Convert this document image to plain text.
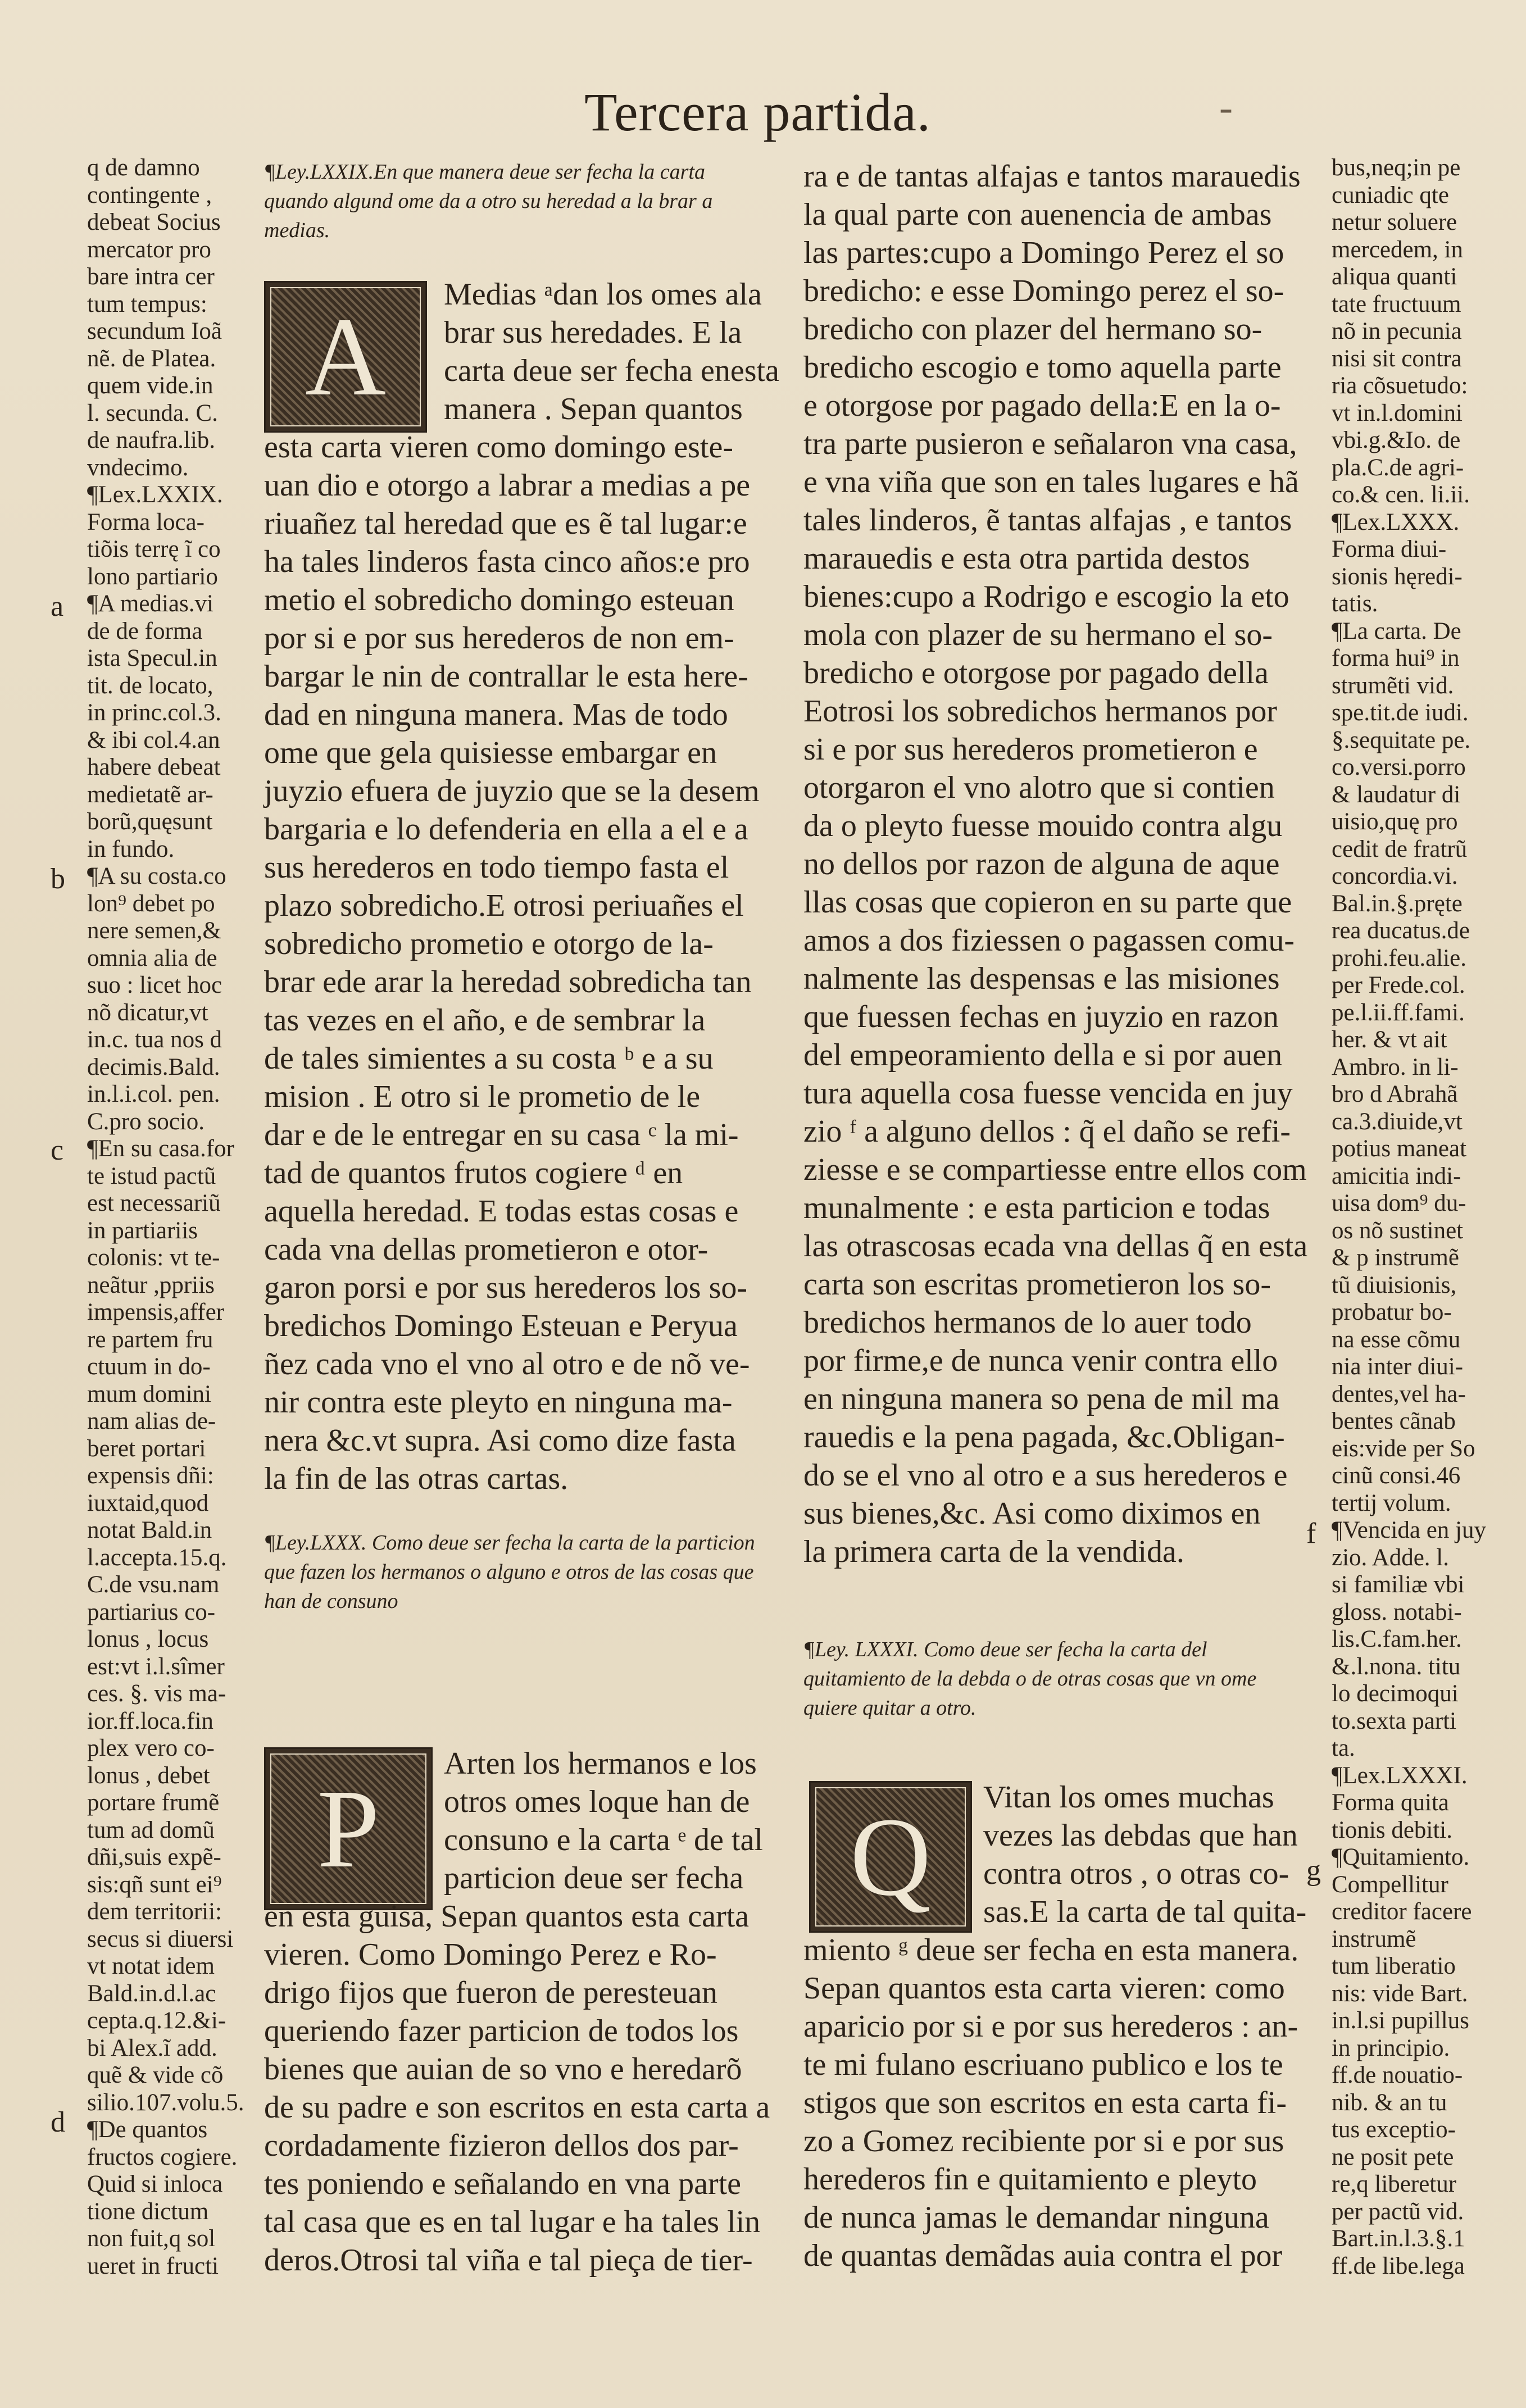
Tercera partida.	-
q de damno
contingente ,
debeat Socius
mercator pro
bare intra cer
tum tempus:
secundum Ioã
nẽ. de Platea.
quem vide.in
l. secunda. C.
de naufra.lib.
vndecimo.
¶Lex.LXXIX.
Forma loca-
tiõis terrę ĩ co
lono partiario
¶A medias.vi
de de forma
ista Specul.in
tit. de locato,
in princ.col.3.
& ibi col.4.an
habere debeat
medietatẽ ar-
borũ,quęsunt
in fundo.
¶A su costa.co
lon⁹ debet po
nere semen,&
omnia alia de
suo : licet hoc
nõ dicatur,vt
in.c. tua nos d
decimis.Bald.
in.l.i.col. pen.
C.pro socio.
¶En su casa.for
te istud pactũ
est necessariũ
in partiariis
colonis: vt te-
neãtur ,ppriis
impensis,affer
re partem fru
ctuum in do-
mum domini
nam alias de-
beret portari
expensis dñi:
iuxtaid,quod
notat Bald.in
l.accepta.15.q.
C.de vsu.nam
partiarius co-
lonus , locus
est:vt i.l.sîmer
ces. §. vis ma-
ior.ff.loca.fin
plex vero co-
lonus , debet
portare frumẽ
tum ad domũ
dñi,suis expẽ-
sis:qñ sunt ei⁹
dem territorii:
secus si diuersi
vt notat idem
Bald.in.d.l.ac
cepta.q.12.&i-
bi Alex.ĩ add.
quẽ & vide cõ
silio.107.volu.5.
¶De quantos
fructos cogiere.
Quid si inloca
tione dictum
non fuit,q sol
ueret in fructi
a
b
c
d
¶Ley.LXXIX.En que manera deue ser fecha la carta quando algund ome da a otro su heredad a la brar a medias.
A
Medias ᵃdan los omes ala
brar sus heredades. E la
carta deue ser fecha enesta
manera . Sepan quantos
esta carta vieren como domingo este-
uan dio e otorgo a labrar a medias a pe
riuañez tal heredad que es ẽ tal lugar:e
ha tales linderos fasta cinco años:e pro
metio el sobredicho domingo esteuan
por si e por sus herederos de non em-
bargar le nin de contrallar le esta here-
dad en ninguna manera. Mas de todo
ome que gela quisiesse embargar en
juyzio efuera de juyzio que se la desem
bargaria e lo defenderia en ella a el e a
sus herederos en todo tiempo fasta el
plazo sobredicho.E otrosi periuañes el
sobredicho prometio e otorgo de la-
brar ede arar la heredad sobredicha tan
tas vezes en el año, e de sembrar la
de tales simientes a su costa ᵇ e a su
mision . E otro si le prometio de le
dar e de le entregar en su casa ᶜ la mi-
tad de quantos frutos cogiere ᵈ en
aquella heredad. E todas estas cosas e
cada vna dellas prometieron e otor-
garon porsi e por sus herederos los so-
bredichos Domingo Esteuan e Peryua
ñez cada vno el vno al otro e de nõ ve-
nir contra este pleyto en ninguna ma-
nera &c.vt supra. Asi como dize fasta
la fin de las otras cartas.
¶Ley.LXXX. Como deue ser fecha la carta de la particion que fazen los hermanos o alguno e otros de las cosas que han de consuno
P
Arten los hermanos e los
otros omes loque han de
consuno e la carta ᵉ de tal
particion deue ser fecha
en esta guisa, Sepan quantos esta carta
vieren. Como Domingo Perez e Ro-
drigo fijos que fueron de peresteuan
queriendo fazer particion de todos los
bienes que auian de so vno e heredarõ
de su padre e son escritos en esta carta a
cordadamente fizieron dellos dos par-
tes poniendo e señalando en vna parte
tal casa que es en tal lugar e ha tales lin
deros.Otrosi tal viña e tal pieça de tier-
ra e de tantas alfajas e tantos marauedis
la qual parte con auenencia de ambas
las partes:cupo a Domingo Perez el so
bredicho: e esse Domingo perez el so-
bredicho con plazer del hermano so-
bredicho escogio e tomo aquella parte
e otorgose por pagado della:E en la o-
tra parte pusieron e señalaron vna casa,
e vna viña que son en tales lugares e hã
tales linderos, ẽ tantas alfajas , e tantos
marauedis e esta otra partida destos
bienes:cupo a Rodrigo e escogio la eto
mola con plazer de su hermano el so-
bredicho e otorgose por pagado della
Eotrosi los sobredichos hermanos por
si e por sus herederos prometieron e
otorgaron el vno alotro que si contien
da o pleyto fuesse mouido contra algu
no dellos por razon de alguna de aque
llas cosas que copieron en su parte que
amos a dos fiziessen o pagassen comu-
nalmente las despensas e las misiones
que fuessen fechas en juyzio en razon
del empeoramiento della e si por auen
tura aquella cosa fuesse vencida en juy
zio ᶠ a alguno dellos : q̃ el daño se refi-
ziesse e se compartiesse entre ellos com
munalmente : e esta particion e todas
las otrascosas ecada vna dellas q̃ en esta
carta son escritas prometieron los so-
bredichos hermanos de lo auer todo
por firme,e de nunca venir contra ello
en ninguna manera so pena de mil ma
rauedis e la pena pagada, &c.Obligan-
do se el vno al otro e a sus herederos e
sus bienes,&c. Asi como diximos en
la primera carta de la vendida.
¶Ley. LXXXI. Como deue ser fecha la carta del quitamiento de la debda o de otras cosas que vn ome quiere quitar a otro.
Q	Vitan los omes muchas
vezes las debdas que han
contra otros , o otras co-
sas.E la carta de tal quita-
miento ᵍ deue ser fecha en esta manera.
Sepan quantos esta carta vieren: como
aparicio por si e por sus herederos : an-
te mi fulano escriuano publico e los te
stigos que son escritos en esta carta fi-
zo a Gomez recibiente por si e por sus
herederos fin e quitamiento e pleyto
de nunca jamas le demandar ninguna
de quantas demãdas auia contra el por
bus,neq;in pe
cuniadic qte
netur soluere
mercedem, in
aliqua quanti
tate fructuum
nõ in pecunia
nisi sit contra
ria cõsuetudo:
vt in.l.domini
vbi.g.&Io. de
pla.C.de agri-
co.& cen. li.ii.
¶Lex.LXXX.
Forma diui-
sionis hęredi-
tatis.
¶La carta. De
forma hui⁹ in
strumẽti vid.
spe.tit.de iudi.
§.sequitate pe.
co.versi.porro
& laudatur di
uisio,quę pro
cedit de fratrũ
concordia.vi.
Bal.in.§.pręte
rea ducatus.de
prohi.feu.alie.
per Frede.col.
pe.l.ii.ff.fami.
her. & vt ait
Ambro. in li-
bro d Abrahã
ca.3.diuide,vt
potius maneat
amicitia indi-
uisa dom⁹ du-
os nõ sustinet
& p instrumẽ
tũ diuisionis,
probatur bo-
na esse cõmu
nia inter diui-
dentes,vel ha-
bentes cãnab
eis:vide per So
cinũ consi.46
tertij volum.
¶Vencida en juy
zio. Adde. l.
si familiæ vbi
gloss. notabi-
lis.C.fam.her.
&.l.nona. titu
lo decimoqui
to.sexta parti
ta.
¶Lex.LXXXI.
Forma quita
tionis debiti.
¶Quitamiento.
Compellitur
creditor facere
instrumẽ
tum liberatio
nis: vide Bart.
in.l.si pupillus
in principio.
ff.de nouatio-
nib. & an tu
tus exceptio-
ne posit pete
re,q liberetur
per pactũ vid.
Bart.in.l.3.§.1
ff.de libe.lega
f
g
